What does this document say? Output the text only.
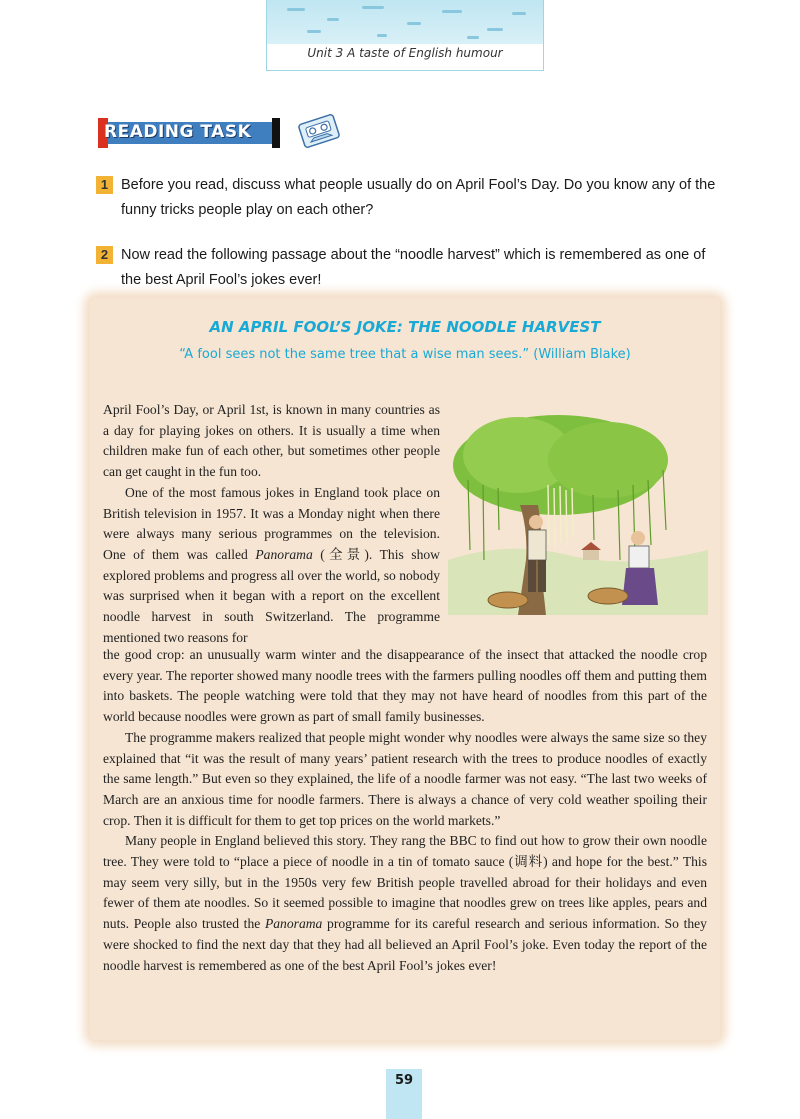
Unit 3 A taste of English humour
READING TASK
1 Before you read, discuss what people usually do on April Fool’s Day. Do you know any of the funny tricks people play on each other?
2 Now read the following passage about the “noodle harvest” which is remembered as one of the best April Fool’s jokes ever!
AN APRIL FOOL’S JOKE: THE NOODLE HARVEST
“A fool sees not the same tree that a wise man sees.” (William Blake)

April Fool’s Day, or April 1st, is known in many countries as a day for playing jokes on others. It is usually a time when children make fun of each other, but sometimes other people can get caught in the fun too.

One of the most famous jokes in England took place on British television in 1957. It was a Monday night when there were always many serious programmes on the television. One of them was called Panorama (全景). This show explored problems and progress all over the world, so nobody was surprised when it began with a report on the excellent noodle harvest in south Switzerland. The programme mentioned two reasons for

the good crop: an unusually warm winter and the disappearance of the insect that attacked the noodle crop every year. The reporter showed many noodle trees with the farmers pulling noodles off them and putting them into baskets. The people watching were told that they may not have heard of noodles from this part of the world because noodles were grown as part of small family businesses.

The programme makers realized that people might wonder why noodles were always the same size so they explained that “it was the result of many years’ patient research with the trees to produce noodles of exactly the same length.” But even so they explained, the life of a noodle farmer was not easy. “The last two weeks of March are an anxious time for noodle farmers. There is always a chance of very cold weather spoiling their crop. Then it is difficult for them to get top prices on the world markets.”

Many people in England believed this story. They rang the BBC to find out how to grow their own noodle tree. They were told to “place a piece of noodle in a tin of tomato sauce (调料) and hope for the best.” This may seem very silly, but in the 1950s very few British people travelled abroad for their holidays and even fewer of them ate noodles. So it seemed possible to imagine that noodles grew on trees like apples, pears and nuts. People also trusted the Panorama programme for its careful research and serious information. So they were shocked to find the next day that they had all believed an April Fool’s joke. Even today the report of the noodle harvest is remembered as one of the best April Fool’s jokes ever!

59
